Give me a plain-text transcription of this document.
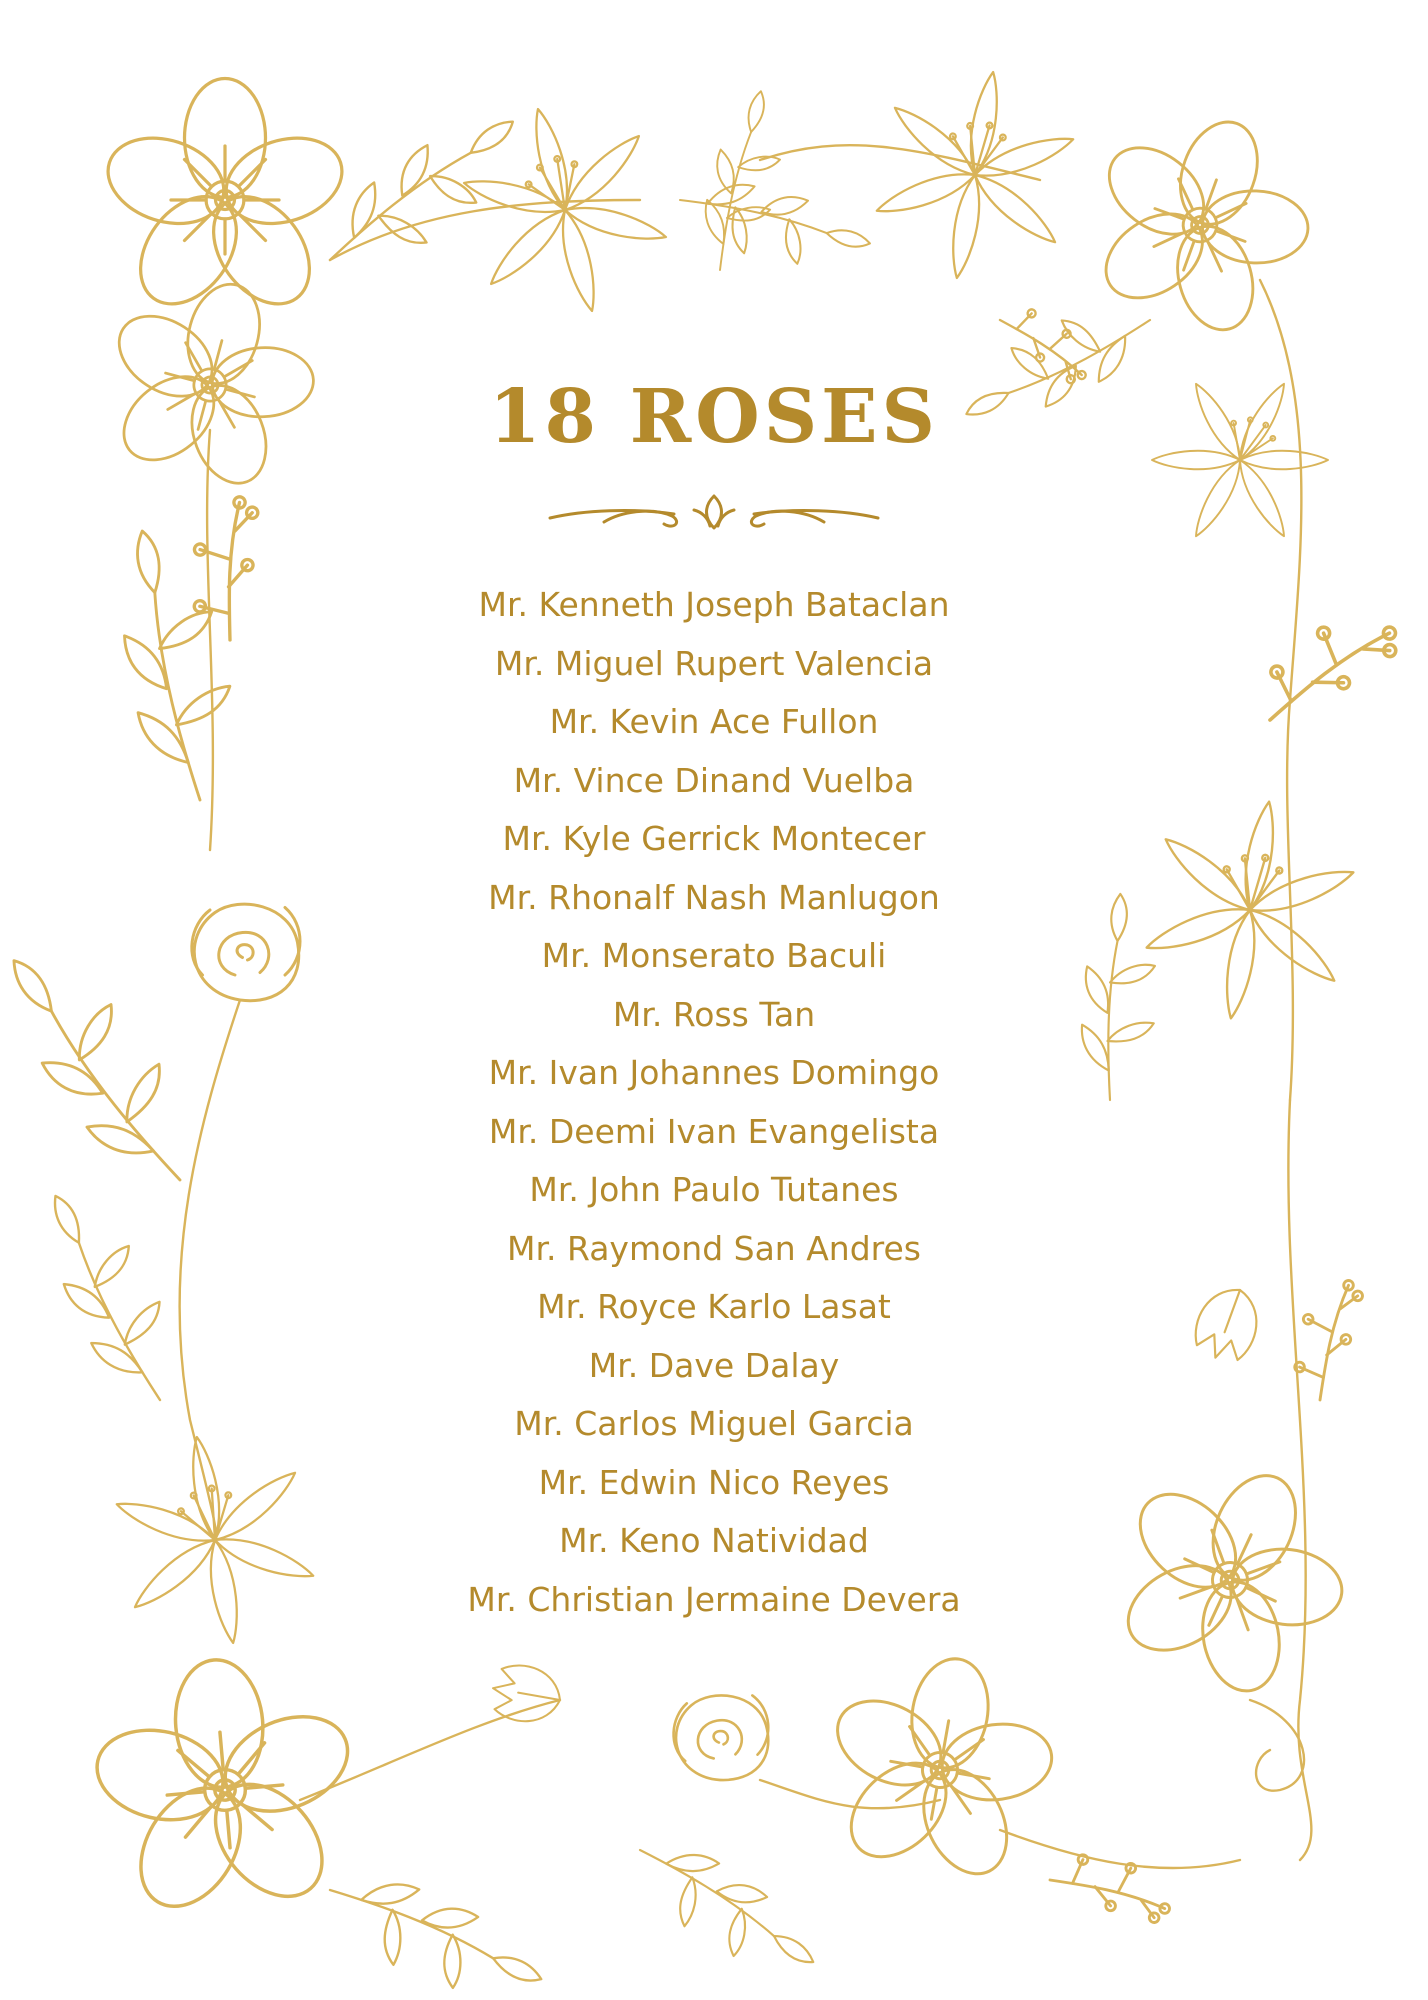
18 ROSES
Mr. Kenneth Joseph Bataclan
Mr. Miguel Rupert Valencia
Mr. Kevin Ace Fullon
Mr. Vince Dinand Vuelba
Mr. Kyle Gerrick Montecer
Mr. Rhonalf Nash Manlugon
Mr. Monserato Baculi
Mr. Ross Tan
Mr. Ivan Johannes Domingo
Mr. Deemi Ivan Evangelista
Mr. John Paulo Tutanes
Mr. Raymond San Andres
Mr. Royce Karlo Lasat
Mr. Dave Dalay
Mr. Carlos Miguel Garcia
Mr. Edwin Nico Reyes
Mr. Keno Natividad
Mr. Christian Jermaine Devera
